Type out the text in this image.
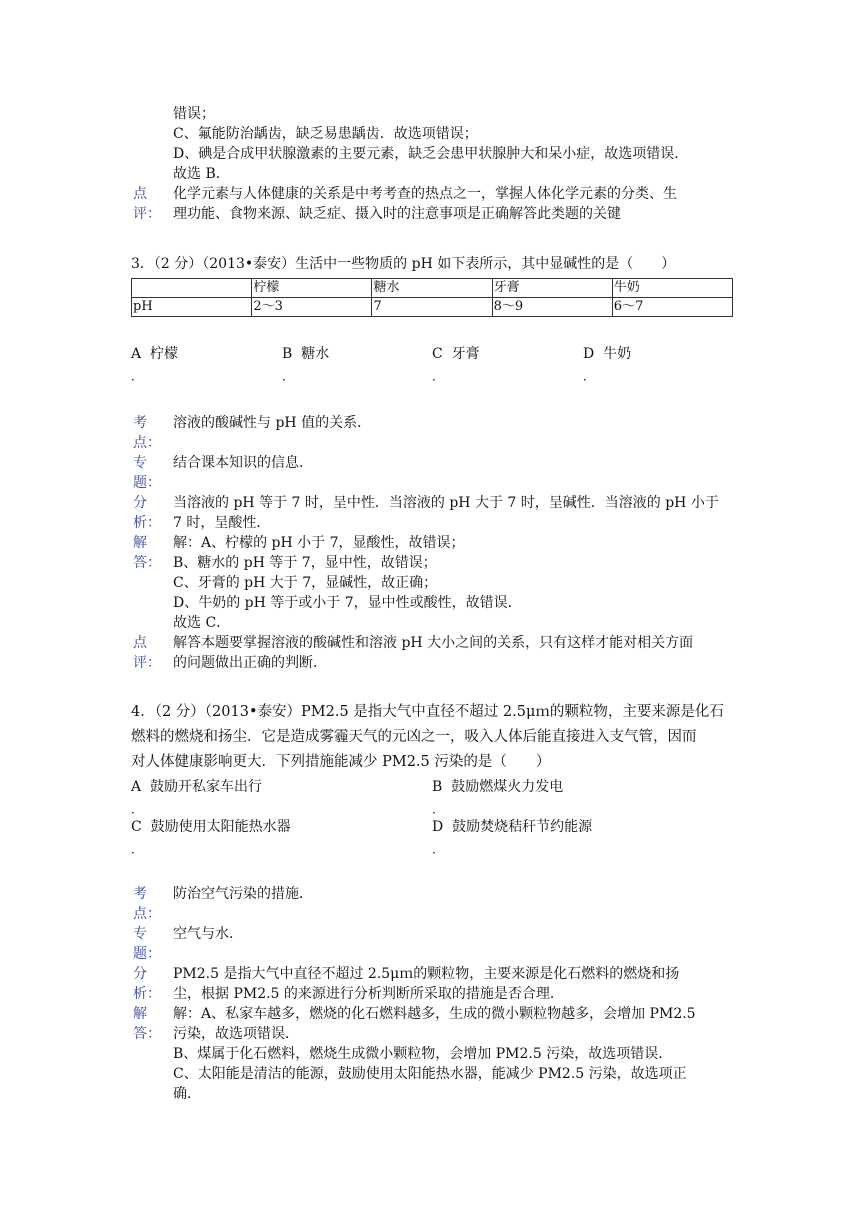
错误；
C、氟能防治龋齿，缺乏易患龋齿．故选项错误；
D、碘是合成甲状腺激素的主要元素，缺乏会患甲状腺肿大和呆小症，故选项错误．
故选 B．
点
评：
化学元素与人体健康的关系是中考考查的热点之一，掌握人体化学元素的分类、生
理功能、食物来源、缺乏症、摄入时的注意事项是正确解答此类题的关键
3．（2 分）（2013•泰安）生活中一些物质的 pH 如下表所示，其中显碱性的是（　　）
	柠檬	糖水	牙膏	牛奶
pH	2～3	7	8～9	6～7
A 柠檬
．
B 糖水
．
C 牙膏
．
D 牛奶
．
考
点：
溶液的酸碱性与 pH 值的关系．
专
题：
结合课本知识的信息．
分
析：
当溶液的 pH 等于 7 时，呈中性．当溶液的 pH 大于 7 时，呈碱性．当溶液的 pH 小于
7 时，呈酸性．
解
答：
解：A、柠檬的 pH 小于 7，显酸性，故错误；
B、糖水的 pH 等于 7，显中性，故错误；
C、牙膏的 pH 大于 7，显碱性，故正确；
D、牛奶的 pH 等于或小于 7，显中性或酸性，故错误．
故选 C．
点
评：
解答本题要掌握溶液的酸碱性和溶液 pH 大小之间的关系，只有这样才能对相关方面
的问题做出正确的判断．
4．（2 分）（2013•泰安）PM2.5 是指大气中直径不超过 2.5μｍ的颗粒物，主要来源是化石
燃料的燃烧和扬尘．它是造成雾霾天气的元凶之一，吸入人体后能直接进入支气管，因而
对人体健康影响更大．下列措施能减少 PM2.5 污染的是（　　）
A 鼓励开私家车出行
．
B 鼓励燃煤火力发电
．
C 鼓励使用太阳能热水器
．
D 鼓励焚烧秸秆节约能源
．
考
点：
防治空气污染的措施．
专
题：
空气与水．
分
析：
PM2.5 是指大气中直径不超过 2.5μｍ的颗粒物，主要来源是化石燃料的燃烧和扬
尘，根据 PM2.5 的来源进行分析判断所采取的措施是否合理．
解
答：
解：A、私家车越多，燃烧的化石燃料越多，生成的微小颗粒物越多，会增加 PM2.5
污染，故选项错误．
B、煤属于化石燃料，燃烧生成微小颗粒物，会增加 PM2.5 污染，故选项错误．
C、太阳能是清洁的能源，鼓励使用太阳能热水器，能减少 PM2.5 污染，故选项正
确．
